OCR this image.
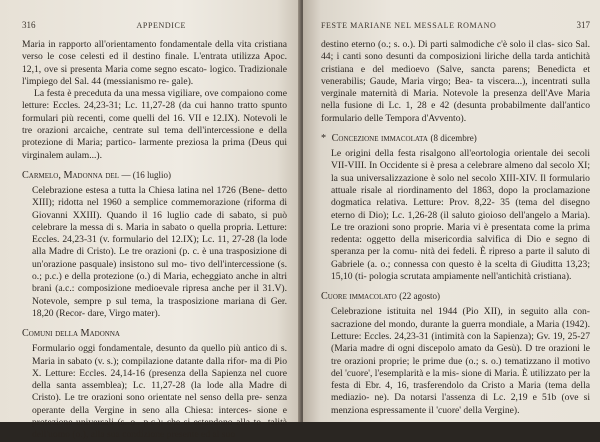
316	APPENDICE

Maria in rapporto all'orientamento fondamentale della vita cristiana verso le cose celesti ed il destino finale. L'entrata utilizza Apoc. 12,1, ove si presenta Maria come segno escato- logico. Tradizionale l'impiego del Sal. 44 (messianismo re- gale).

La festa è preceduta da una messa vigiliare, ove compaiono come letture: Eccles. 24,23-31; Lc. 11,27-28 (da cui hanno tratto spunto formulari più recenti, come quelli del 16. VII e 12.IX). Notevoli le tre orazioni arcaiche, centrate sul tema dell'intercessione e della protezione di Maria; partico- larmente preziosa la prima (Deus qui virginalem aulam...).

Carmelo, Madonna del — (16 luglio)

Celebrazione estesa a tutta la Chiesa latina nel 1726 (Bene- detto XIII); ridotta nel 1960 a semplice commemorazione (riforma di Giovanni XXIII). Quando il 16 luglio cade di sabato, si può celebrare la messa di s. Maria in sabato o quella propria. Letture: Eccles. 24,23-31 (v. formulario del 12.IX); Lc. 11, 27-28 (la lode alla Madre di Cristo). Le tre orazioni (p. c. è una trasposizione di un'orazione pasquale) insistono sul mo- tivo dell'intercessione (s. o.; p.c.) e della protezione (o.) di Maria, echeggiato anche in altri brani (a.c.: composizione medioevale ripresa anche per il 31.V). Notevole, sempre p sul tema, la trasposizione mariana di Ger. 18,20 (Recor- dare, Virgo mater).

Comuni della Madonna

Formulario oggi fondamentale, desunto da quello più antico di s. Maria in sabato (v. s.); compilazione datante dalla rifor- ma di Pio X. Letture: Eccles. 24,14-16 (presenza della Sapienza nel cuore della santa assemblea); Lc. 11,27-28 (la lode alla Madre di Cristo). Le tre orazioni sono orientate nel senso della pre- senza operante della Vergine in seno alla Chiesa: interces- sione e protezione universali (s. o., p.c.); che si estendono alla to- talità dell'uomo (o.), alla sua condizione presente ed al suo

FESTE MARIANE NEL MESSALE ROMANO	317

destino eterno (o.; s. o.). Di parti salmodiche c'è solo il clas- sico Sal. 44; i canti sono desunti da composizioni liriche della tarda antichità cristiana e del medioevo (Salve, sancta parens; Benedicta et venerabilis; Gaude, Maria virgo; Bea- ta viscera...), incentrati sulla verginale maternità di Maria. Notevole la presenza dell'Ave Maria nella fusione di Lc. 1, 28 e 42 (desunta probabilmente dall'antico formulario delle Tempora d'Avvento).

* Concezione immacolata (8 dicembre)

Le origini della festa risalgono all'eortologia orientale dei secoli VII-VIII. In Occidente si è presa a celebrare almeno dal secolo XI; la sua universalizzazione è solo nel secolo XIII-XIV. Il formulario attuale risale al riordinamento del 1863, dopo la proclamazione dogmatica relativa. Letture: Prov. 8,22- 35 (tema del disegno eterno di Dio); Lc. 1,26-28 (il saluto gioioso dell'angelo a Maria). Le tre orazioni sono proprie. Maria vi è presentata come la prima redenta: oggetto della misericordia salvifica di Dio e segno di speranza per la comu- nità dei fedeli. È ripreso a parte il saluto di Gabriele (a. o.; connessa con questo è la scelta di Giuditta 13,23; 15,10 (ti- pologia scrutata ampiamente nell'antichità cristiana).

Cuore immacolato (22 agosto)

Celebrazione istituita nel 1944 (Pio XII), in seguito alla con- sacrazione del mondo, durante la guerra mondiale, a Maria (1942). Letture: Eccles. 24,23-31 (intimità con la Sapienza); Gv. 19, 25-27 (Maria madre di ogni discepolo amato da Gesù). D tre orazioni le tre orazioni proprie; le prime due (o.; s. o.) tematizzano il motivo del 'cuore', l'esemplarità e la mis- sione di Maria. È utilizzato per la festa di Ebr. 4, 16, trasferendolo da Cristo a Maria (tema della mediazio- ne). Da notarsi l'assenza di Lc. 2,19 e 51b (ove si menziona espressamente il 'cuore' della Vergine).
